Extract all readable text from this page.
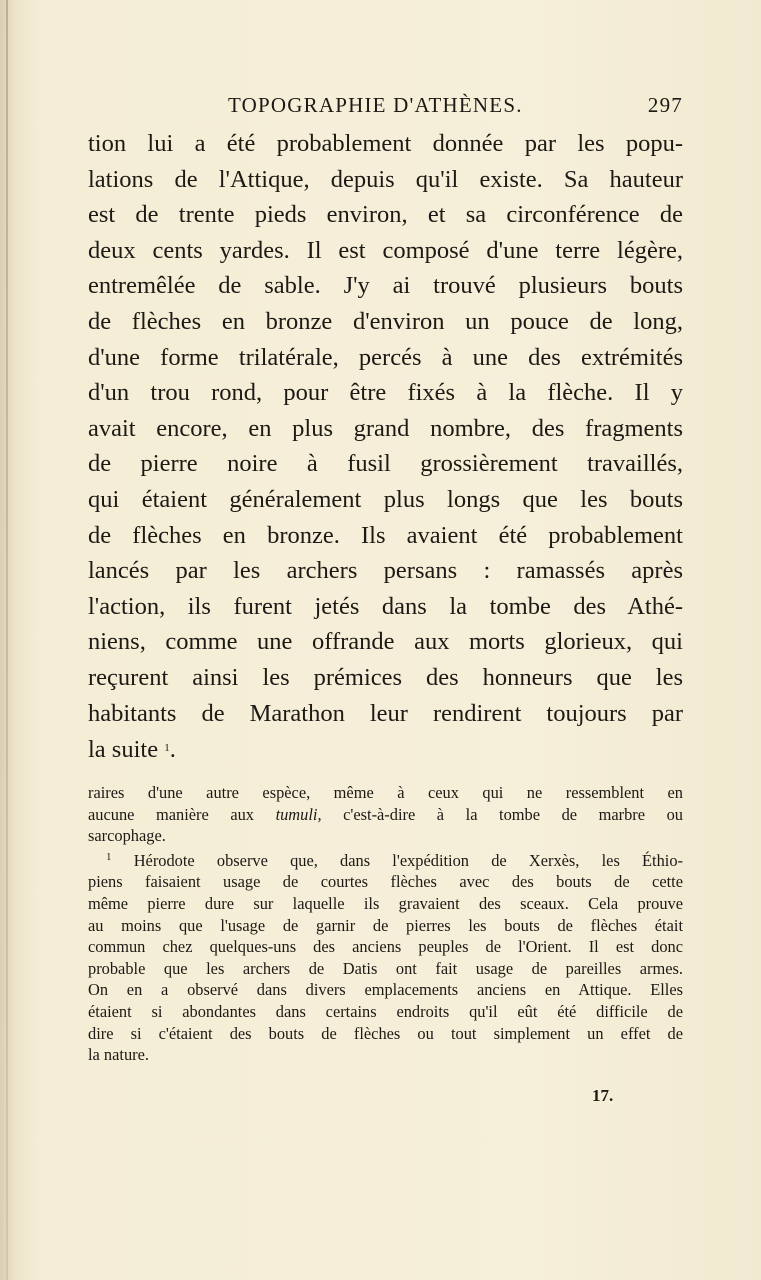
TOPOGRAPHIE D'ATHÈNES.	297
tion lui a été probablement donnée par les popu-
lations de l'Attique, depuis qu'il existe. Sa hauteur
est de trente pieds environ, et sa circonférence de
deux cents yardes. Il est composé d'une terre légère,
entremêlée de sable. J'y ai trouvé plusieurs bouts
de flèches en bronze d'environ un pouce de long,
d'une forme trilatérale, percés à une des extrémités
d'un trou rond, pour être fixés à la flèche. Il y
avait encore, en plus grand nombre, des fragments
de pierre noire à fusil grossièrement travaillés,
qui étaient généralement plus longs que les bouts
de flèches en bronze. Ils avaient été probablement
lancés par les archers persans : ramassés après
l'action, ils furent jetés dans la tombe des Athé-
niens, comme une offrande aux morts glorieux, qui
reçurent ainsi les prémices des honneurs que les
habitants de Marathon leur rendirent toujours par
la suite $^1$.
raires d'une autre espèce, même à ceux qui ne ressemblent en
aucune manière aux tumuli, c'est-à-dire à la tombe de marbre ou
sarcophage.
$^1$ Hérodote observe que, dans l'expédition de Xerxès, les Éthio-
piens faisaient usage de courtes flèches avec des bouts de cette
même pierre dure sur laquelle ils gravaient des sceaux. Cela prouve
au moins que l'usage de garnir de pierres les bouts de flèches était
commun chez quelques-uns des anciens peuples de l'Orient. Il est donc
probable que les archers de Datis ont fait usage de pareilles armes.
On en a observé dans divers emplacements anciens en Attique. Elles
étaient si abondantes dans certains endroits qu'il eût été difficile de
dire si c'étaient des bouts de flèches ou tout simplement un effet de
la nature.
17.
